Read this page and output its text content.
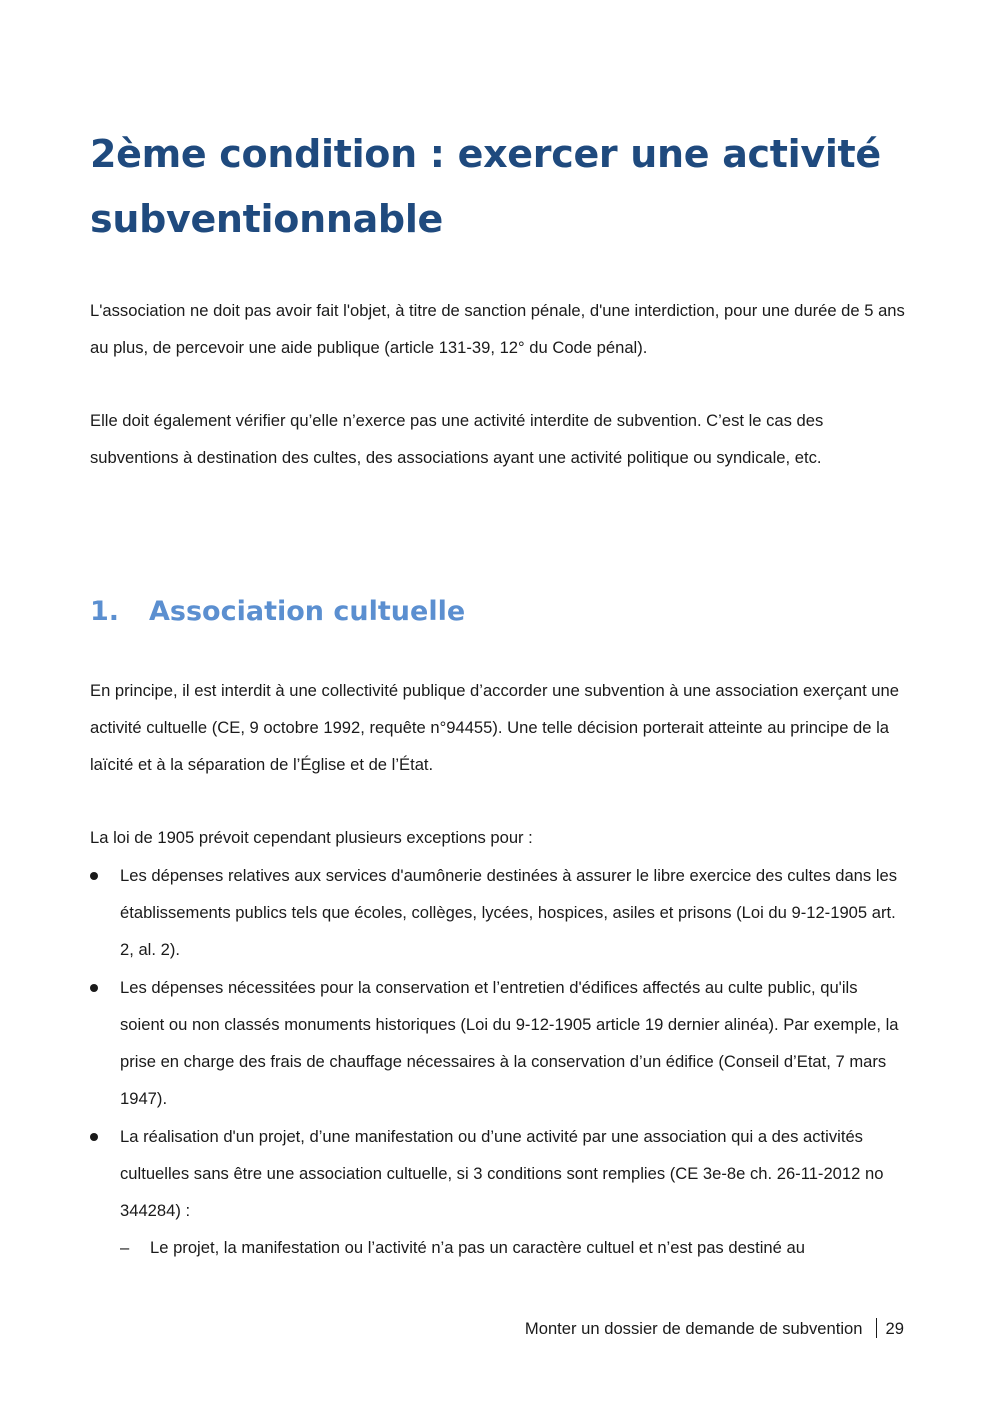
2ème condition : exercer une activité subventionnable

L'association ne doit pas avoir fait l'objet, à titre de sanction pénale, d'une interdiction, pour une durée de 5 ans au plus, de percevoir une aide publique (article 131-39, 12° du Code pénal).

Elle doit également vérifier qu’elle n’exerce pas une activité interdite de subvention. C’est le cas des subventions à destination des cultes, des associations ayant une activité politique ou syndicale, etc.

1. Association cultuelle

En principe, il est interdit à une collectivité publique d’accorder une subvention à une association exerçant une activité cultuelle (CE, 9 octobre 1992, requête n°94455). Une telle décision porterait atteinte au principe de la laïcité et à la séparation de l’Église et de l’État.

La loi de 1905 prévoit cependant plusieurs exceptions pour :

Les dépenses relatives aux services d'aumônerie destinées à assurer le libre exercice des cultes dans les établissements publics tels que écoles, collèges, lycées, hospices, asiles et prisons (Loi du 9-12-1905 art. 2, al. 2).
Les dépenses nécessitées pour la conservation et l’entretien d'édifices affectés au culte public, qu'ils soient ou non classés monuments historiques (Loi du 9-12-1905 article 19 dernier alinéa). Par exemple, la prise en charge des frais de chauffage nécessaires à la conservation d’un édifice (Conseil d’Etat, 7 mars 1947).
La réalisation d'un projet, d’une manifestation ou d’une activité par une association qui a des activités cultuelles sans être une association cultuelle, si 3 conditions sont remplies (CE 3e-8e ch. 26-11-2012 no 344284) :
– Le projet, la manifestation ou l’activité n’a pas un caractère cultuel et n’est pas destiné au
Monter un dossier de demande de subvention 29
